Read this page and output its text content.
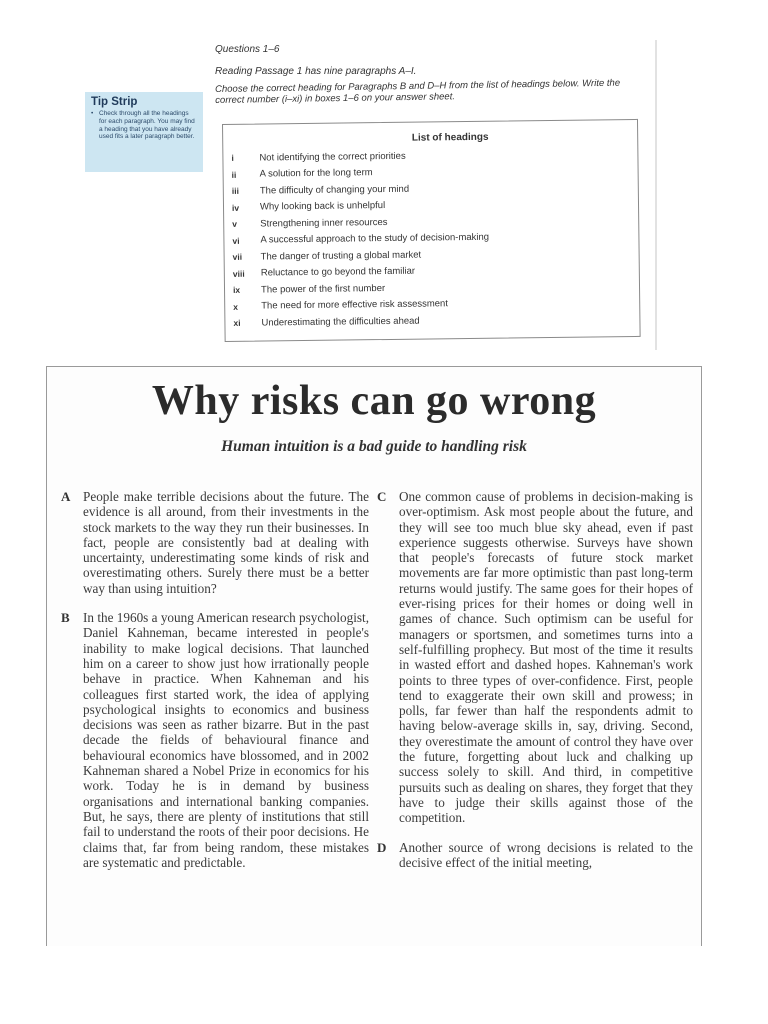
Questions 1–6
Reading Passage 1 has nine paragraphs A–I.
Choose the correct heading for Paragraphs B and D–H from the list of headings below. Write the correct number (i–xi) in boxes 1–6 on your answer sheet.
Tip Strip
• Check through all the headings for each paragraph. You may find a heading that you have already used fits a later paragraph better.	List of headings
i	Not identifying the correct priorities
ii	A solution for the long term
iii	The difficulty of changing your mind
iv	Why looking back is unhelpful
v	Strengthening inner resources
vi	A successful approach to the study of decision-making
vii	The danger of trusting a global market
viii	Reluctance to go beyond the familiar
ix	The power of the first number
x	The need for more effective risk assessment
xi	Underestimating the difficulties ahead
Why risks can go wrong
Human intuition is a bad guide to handling risk
A People make terrible decisions about the future. The evidence is all around, from their investments in the stock markets to the way they run their businesses. In fact, people are consistently bad at dealing with uncertainty, underestimating some kinds of risk and overestimating others. Surely there must be a better way than using intuition?
B In the 1960s a young American research psychologist, Daniel Kahneman, became interested in people's inability to make logical decisions. That launched him on a career to show just how irrationally people behave in practice. When Kahneman and his colleagues first started work, the idea of applying psychological insights to economics and business decisions was seen as rather bizarre. But in the past decade the fields of behavioural finance and behavioural economics have blossomed, and in 2002 Kahneman shared a Nobel Prize in economics for his work. Today he is in demand by business organisations and international banking companies. But, he says, there are plenty of institutions that still fail to understand the roots of their poor decisions. He claims that, far from being random, these mistakes are systematic and predictable.
C One common cause of problems in decision-making is over-optimism. Ask most people about the future, and they will see too much blue sky ahead, even if past experience suggests otherwise. Surveys have shown that people's forecasts of future stock market movements are far more optimistic than past long-term returns would justify. The same goes for their hopes of ever-rising prices for their homes or doing well in games of chance. Such optimism can be useful for managers or sportsmen, and sometimes turns into a self-fulfilling prophecy. But most of the time it results in wasted effort and dashed hopes. Kahneman's work points to three types of over-confidence. First, people tend to exaggerate their own skill and prowess; in polls, far fewer than half the respondents admit to having below-average skills in, say, driving. Second, they overestimate the amount of control they have over the future, forgetting about luck and chalking up success solely to skill. And third, in competitive pursuits such as dealing on shares, they forget that they have to judge their skills against those of the competition.
D Another source of wrong decisions is related to the decisive effect of the initial meeting,
